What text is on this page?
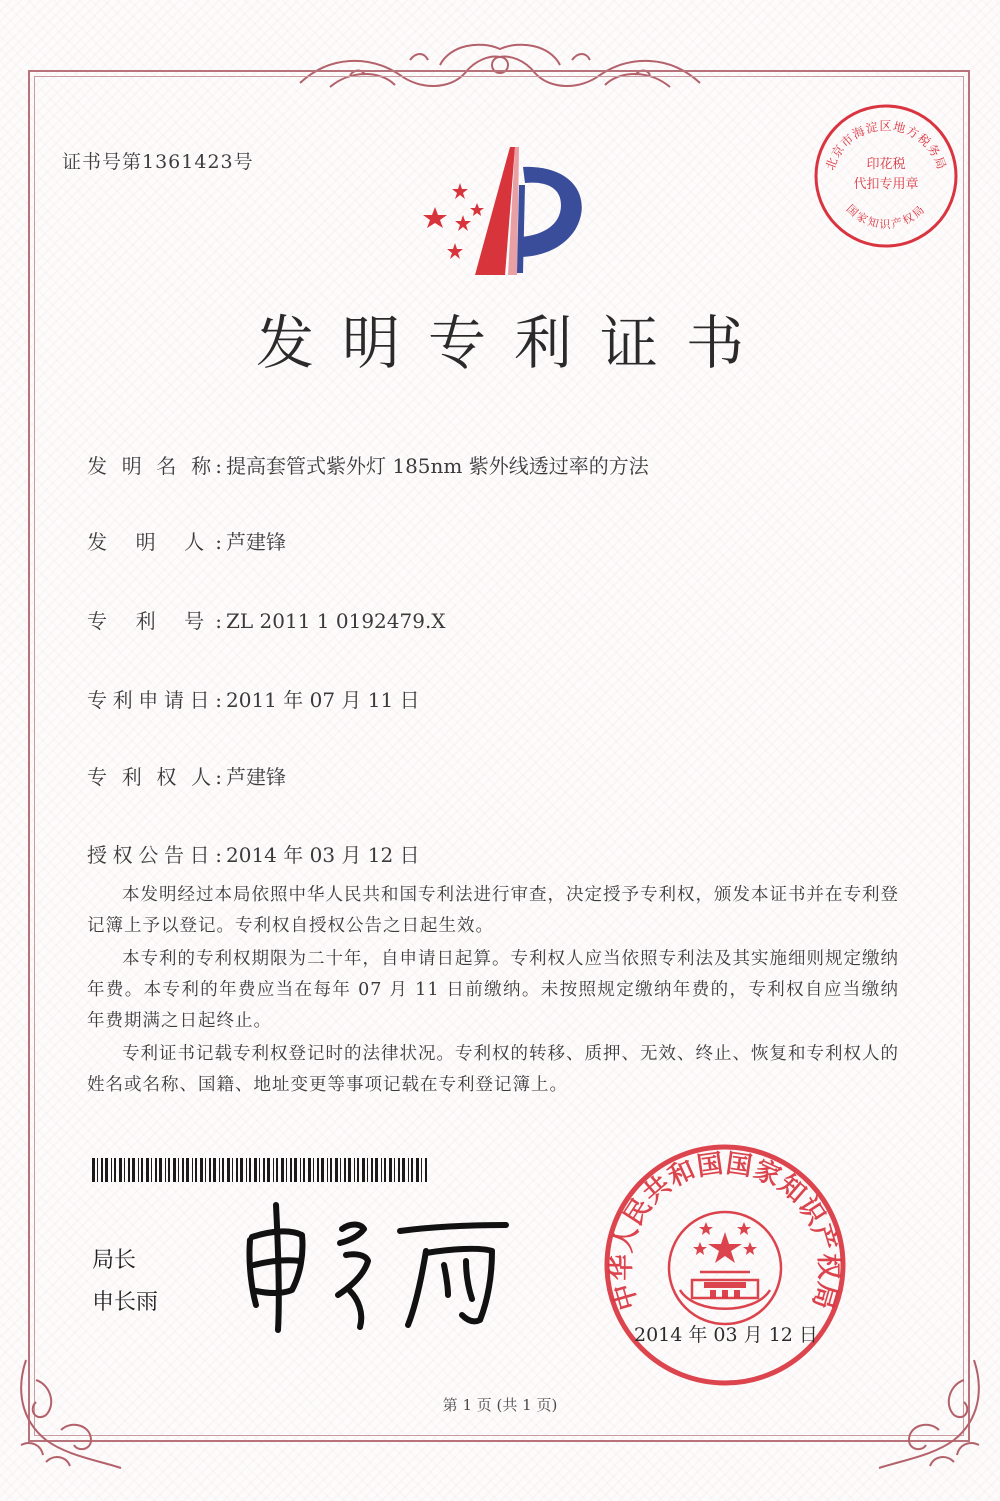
证书号第1361423号	北京市海淀区地方税务局
国家知识产权局
印花税
代扣专用章
发明专利证书
发 明 名 称: 提高套管式紫外灯 185nm 紫外线透过率的方法
发 明 人: 芦建锋
专 利 号: ZL 2011 1 0192479.X
专利申请日: 2011 年 07 月 11 日
专 利 权 人: 芦建锋
授权公告日: 2014 年 03 月 12 日
本发明经过本局依照中华人民共和国专利法进行审查，决定授予专利权，颁发本证书并在专利登记簿上予以登记。专利权自授权公告之日起生效。
本专利的专利权期限为二十年，自申请日起算。专利权人应当依照专利法及其实施细则规定缴纳年费。本专利的年费应当在每年 07 月 11 日前缴纳。未按照规定缴纳年费的，专利权自应当缴纳年费期满之日起终止。
专利证书记载专利权登记时的法律状况。专利权的转移、质押、无效、终止、恢复和专利权人的姓名或名称、国籍、地址变更等事项记载在专利登记簿上。
局长
申长雨	中华人民共和国国家知识产权局
2014 年 03 月 12 日
第 1 页 (共 1 页)
